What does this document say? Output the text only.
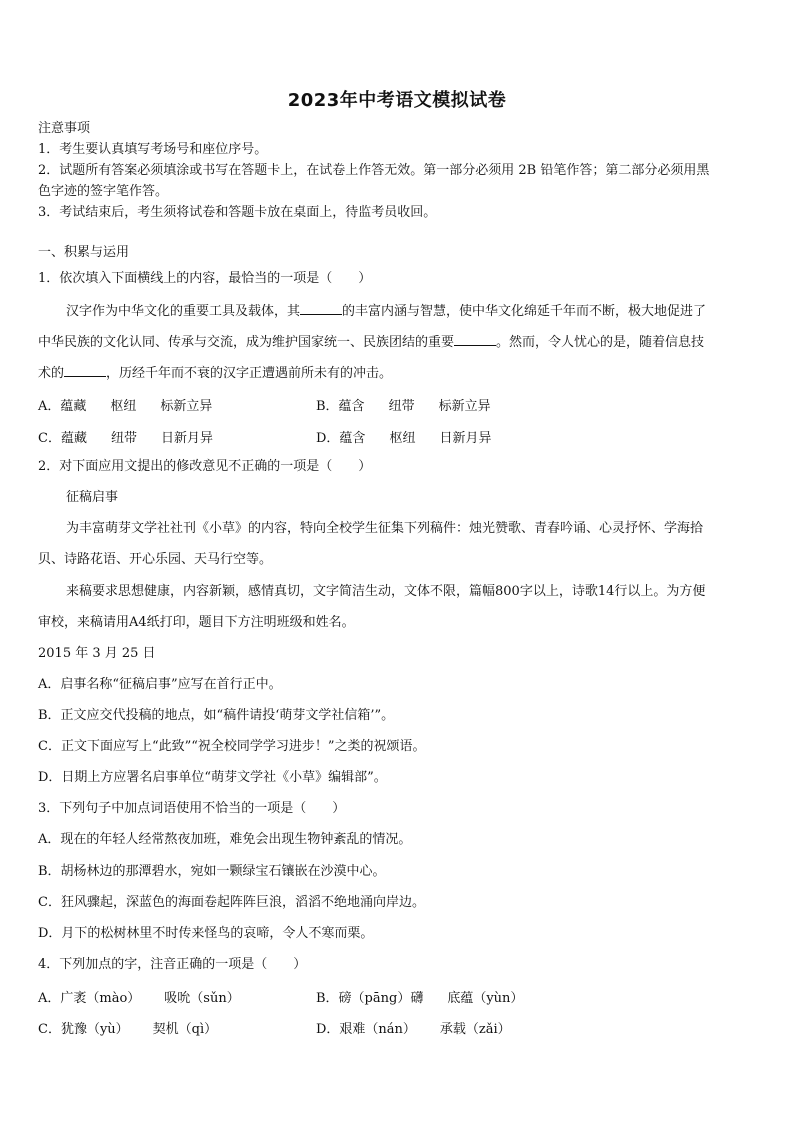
2023年中考语文模拟试卷
注意事项
1．考生要认真填写考场号和座位序号。
2．试题所有答案必须填涂或书写在答题卡上，在试卷上作答无效。第一部分必须用 2B 铅笔作答；第二部分必须用黑
色字迹的签字笔作答。
3．考试结束后，考生须将试卷和答题卡放在桌面上，待监考员收回。
一、积累与运用
1．依次填入下面横线上的内容，最恰当的一项是（　　）
汉字作为中华文化的重要工具及载体，其	的丰富内涵与智慧，使中华文化绵延千年而不断，极大地促进了
中华民族的文化认同、传承与交流，成为维护国家统一、民族团结的重要	。然而，令人忧心的是，随着信息技
术的	，历经千年而不衰的汉字正遭遇前所未有的冲击。
A．蕴藏 枢纽 标新立异	B．蕴含 纽带 标新立异
C．蕴藏 纽带 日新月异	D．蕴含 枢纽 日新月异
2．对下面应用文提出的修改意见不正确的一项是（　　）
征稿启事
为丰富萌芽文学社社刊《小草》的内容，特向全校学生征集下列稿件：烛光赞歌、青春吟诵、心灵抒怀、学海拾
贝、诗路花语、开心乐园、天马行空等。
来稿要求思想健康，内容新颖，感情真切，文字简洁生动，文体不限，篇幅800字以上，诗歌14行以上。为方便
审校，来稿请用A4纸打印，题目下方注明班级和姓名。
2015 年 3 月 25 日
A．启事名称“征稿启事”应写在首行正中。
B．正文应交代投稿的地点，如“稿件请投‘萌芽文学社信箱’”。
C．正文下面应写上“此致”“祝全校同学学习进步！”之类的祝颂语。
D．日期上方应署名启事单位“萌芽文学社《小草》编辑部”。
3．下列句子中加点词语使用不恰当的一项是（　　）
A．现在的年轻人经常熬夜加班，难免会出现生物钟紊乱的情况。
B．胡杨林边的那潭碧水，宛如一颗绿宝石镶嵌在沙漠中心。
C．狂风骤起，深蓝色的海面卷起阵阵巨浪，滔滔不绝地涌向岸边。
D．月下的松树林里不时传来怪鸟的哀啼，令人不寒而栗。
4．下列加点的字，注音正确的一项是（　　）
A．广袤（mào） 吸吮（sǔn）	B．磅（pāng）礴 底蕴（yùn）
C．犹豫（yù） 契机（qì）	D．艰难（nán） 承载（zǎi）
